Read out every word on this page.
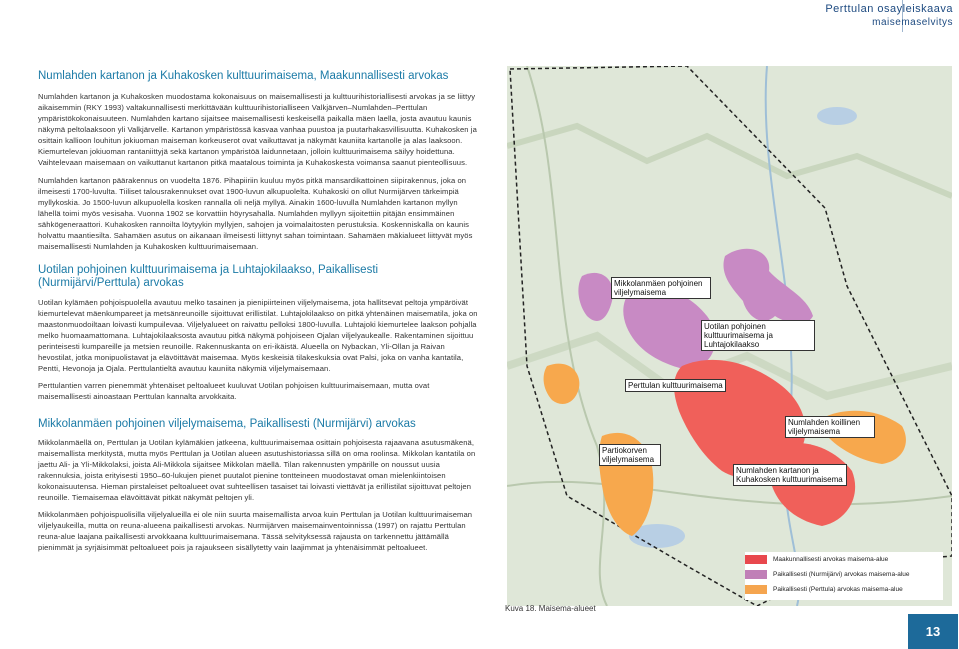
Perttulan osayleiskaava
maisemaselvitys
Numlahden kartanon ja Kuhakosken kulttuurimaisema, Maakunnallisesti arvokas

Numlahden kartanon ja Kuhakosken muodostama kokonaisuus on maisemallisesti ja kulttuurihistoriallisesti arvokas ja se liittyy aikaisemmin (RKY 1993) valtakunnallisesti merkittävään kulttuurihistorialliseen Valkjärven–Numlahden–Perttulan ympäristökokonaisuuteen. Numlahden kartano sijaitsee maisemallisesti keskeisellä paikalla mäen laella, josta avautuu kaunis näkymä peltolaaksoon yli Valkjärvelle. Kartanon ympäristössä kasvaa vanhaa puustoa ja puutarhakasvillisuutta. Kuhakosken ja osittain kallioon louhitun jokiuoman maiseman korkeuserot ovat vaikuttavat ja näkymät kauniita kartanolle ja alas laaksoon. Kiemurtelevan jokiuoman rantaniittyjä sekä kartanon ympäristöä laidunnetaan, jolloin kulttuurimaisema säilyy hoidettuna. Vaihtelevaan maisemaan on vaikuttanut kartanon pitkä maatalous toiminta ja Kuhakoskesta voimansa saanut pienteollisuus.

Numlahden kartanon päärakennus on vuodelta 1876. Pihapiiriin kuuluu myös pitkä mansardikattoinen siipirakennus, joka on ilmeisesti 1700-luvulta. Tiiliset talousrakennukset ovat 1900-luvun alkupuolelta. Kuhakoski on ollut Nurmijärven tärkeimpiä myllykoskia. Jo 1500-luvun alkupuolella kosken rannalla oli neljä myllyä. Ainakin 1600-luvulla Numlahden kartanon myllyn lähellä toimi myös vesisaha. Vuonna 1902 se korvattiin höyrysahalla. Numlahden myllyyn sijoitettiin pitäjän ensimmäinen sähkögeneraattori. Kuhakosken rannoilta löytyykin myllyjen, sahojen ja voimalaitosten perustuksia. Koskenniskalla on kaunis holvattu maantiesilta. Sahamäen asutus on aikanaan ilmeisesti liittynyt sahan toimintaan. Sahamäen mäkialueet liittyvät myös maisemallisesti Numlahden ja Kuhakosken kulttuurimaisemaan.

Uotilan pohjoinen kulttuurimaisema ja Luhtajokilaakso, Paikallisesti (Nurmijärvi/Perttula) arvokas

Uotilan kylämäen pohjoispuolella avautuu melko tasainen ja pienipiirteinen viljelymaisema, jota hallitsevat peltoja ympäröivät kiemurtelevat mäenkumpareet ja metsänreunoille sijoittuvat erillistilat. Luhtajokilaakso on pitkä yhtenäinen maisematila, joka on maastonmuodoiltaan loivasti kumpuilevaa. Viljelyalueet on raivattu pelloksi 1800-luvulla. Luhtajoki kiemurtelee laakson pohjalla melko huomaamattomana. Luhtajokilaaksosta avautuu pitkä näkymä pohjoiseen Ojalan viljelyaukealle. Rakentaminen sijoittuu perinteisesti kumpareille ja metsien reunoille. Rakennuskanta on eri-ikäistä. Alueella on Nybackan, Yli-Ollan ja Raivan hevostilat, jotka monipuolistavat ja elävöittävät maisemaa. Myös keskeisiä tilakeskuksia ovat Palsi, joka on vanha kantatila, Pentti, Hevonoja ja Ojala. Perttulantieltä avautuu kauniita näkymiä viljelymaisemaan.

Perttulantien varren pienemmät yhtenäiset peltoalueet kuuluvat Uotilan pohjoisen kulttuurimaisemaan, mutta ovat maisemallisesti ainoastaan Perttulan kannalta arvokkaita.

Mikkolanmäen pohjoinen viljelymaisema, Paikallisesti (Nurmijärvi) arvokas

Mikkolanmäellä on, Perttulan ja Uotilan kylämäkien jatkeena, kulttuurimaisemaa osittain pohjoisesta rajaavana asutusmäkenä, maisemallista merkitystä, mutta myös Perttulan ja Uotilan alueen asutushistoriassa sillä on oma roolinsa. Mikkolan kantatila on jaettu Ali- ja Yli-Mikkolaksi, joista Ali-Mikkola sijaitsee Mikkolan mäellä. Tilan rakennusten ympärille on noussut uusia rakennuksia, joista erityisesti 1950–60-lukujen pienet puutalot pienine tontteineen muodostavat oman mielenkiintoisen kokonaisuutensa. Hieman pirstaleiset peltoalueet ovat suhteellisen tasaiset tai loivasti viettävät ja erillistilat sijoittuvat peltojen reunoille. Tiemaisemaa elävöittävät pitkät näkymät peltojen yli.

Mikkolanmäen pohjoispuolisilla viljelyalueilla ei ole niin suurta maisemallista arvoa kuin Perttulan ja Uotilan kulttuurimaiseman viljelyaukeilla, mutta on reuna-alueena paikallisesti arvokas. Nurmijärven maisemainventoinnissa (1997) on rajattu Perttulan reuna-alue laajana paikallisesti arvokkaana kulttuurimaisemana. Tässä selvityksessä rajausta on tarkennettu jättämällä pienimmät ja syrjäisimmät peltoalueet pois ja rajaukseen sisällytetty vain laajimmat ja yhtenäisimmät peltoalueet.

Mikkolanmäen pohjoinen viljelymaisema
Uotilan pohjoinen kulttuurimaisema ja Luhtajokilaakso
Perttulan kulttuurimaisema
Numlahden koillinen viljelymaisema
Partiokorven viljelymaisema
Numlahden kartanon ja Kuhakosken kulttuurimaisema
Maakunnallisesti arvokas maisema-alue
Paikallisesti (Nurmijärvi) arvokas maisema-alue
Paikallisesti (Perttula) arvokas maisema-alue
Kuva 18. Maisema-alueet
13
